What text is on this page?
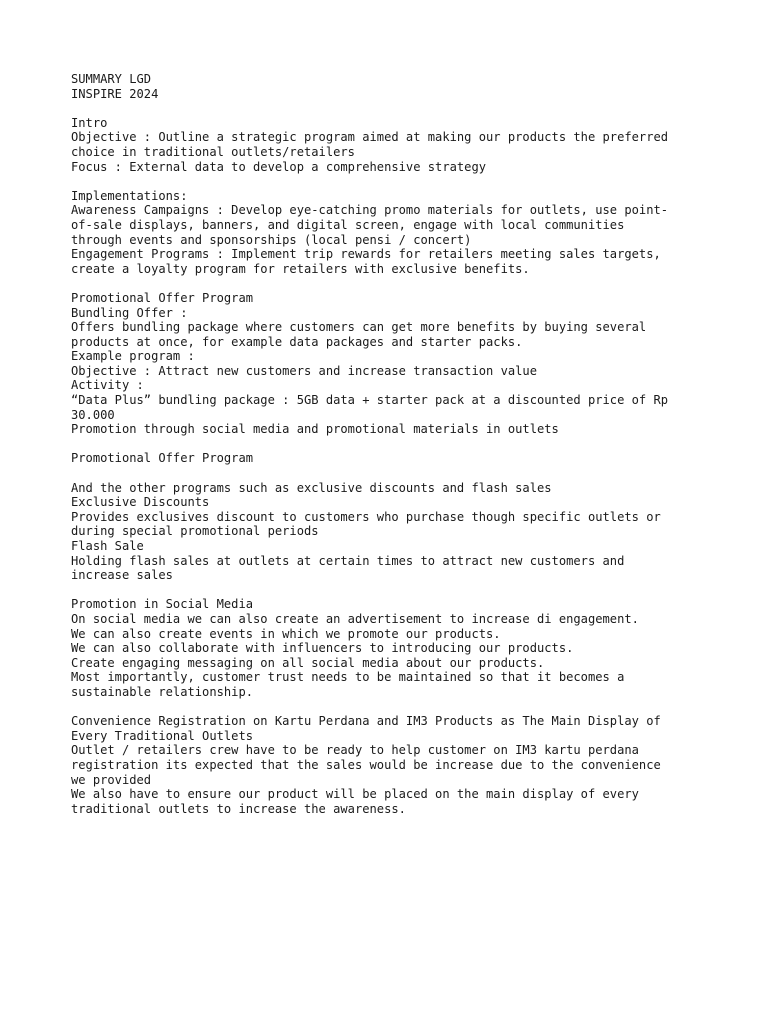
SUMMARY LGD
INSPIRE 2024
Intro
Objective : Outline a strategic program aimed at making our products the preferred
choice in traditional outlets/retailers
Focus : External data to develop a comprehensive strategy
Implementations:
Awareness Campaigns : Develop eye-catching promo materials for outlets, use point-
of-sale displays, banners, and digital screen, engage with local communities
through events and sponsorships (local pensi / concert)
Engagement Programs : Implement trip rewards for retailers meeting sales targets,
create a loyalty program for retailers with exclusive benefits.
Promotional Offer Program
Bundling Offer :
Offers bundling package where customers can get more benefits by buying several
products at once, for example data packages and starter packs.
Example program :
Objective : Attract new customers and increase transaction value
Activity :
“Data Plus” bundling package : 5GB data + starter pack at a discounted price of Rp
30.000
Promotion through social media and promotional materials in outlets
Promotional Offer Program
And the other programs such as exclusive discounts and flash sales
Exclusive Discounts
Provides exclusives discount to customers who purchase though specific outlets or
during special promotional periods
Flash Sale
Holding flash sales at outlets at certain times to attract new customers and
increase sales
Promotion in Social Media
On social media we can also create an advertisement to increase di engagement.
We can also create events in which we promote our products.
We can also collaborate with influencers to introducing our products.
Create engaging messaging on all social media about our products.
Most importantly, customer trust needs to be maintained so that it becomes a
sustainable relationship.
Convenience Registration on Kartu Perdana and IM3 Products as The Main Display of
Every Traditional Outlets
Outlet / retailers crew have to be ready to help customer on IM3 kartu perdana
registration its expected that the sales would be increase due to the convenience
we provided
We also have to ensure our product will be placed on the main display of every
traditional outlets to increase the awareness.
